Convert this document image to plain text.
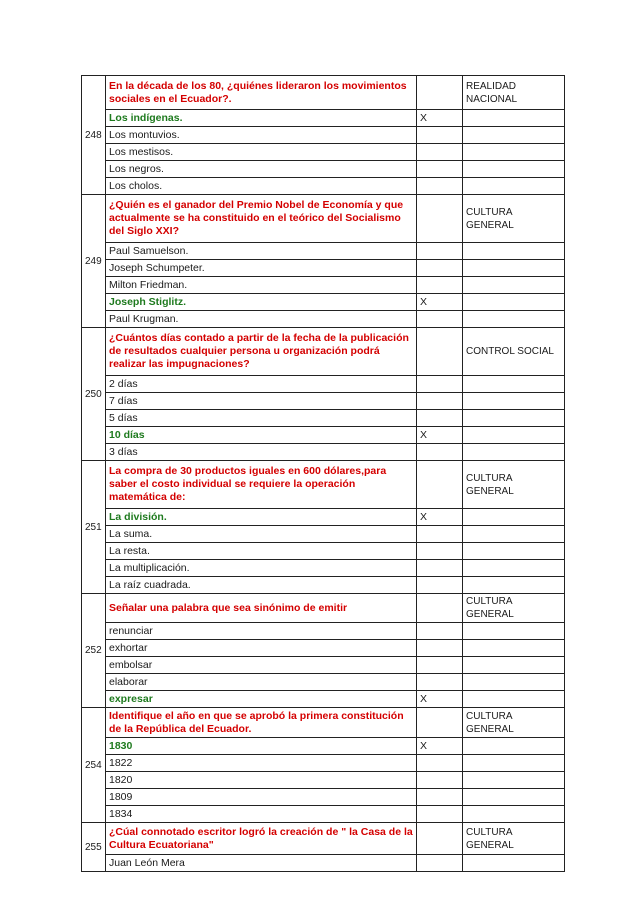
248	En la década de los 80, ¿quiénes lideraron los movimientos sociales en el Ecuador?.		REALIDAD NACIONAL
	Los indígenas.	X	
	Los montuvios.		
	Los mestisos.		
	Los negros.		
	Los cholos.		
249	¿Quién es el ganador del Premio Nobel de Economía y que actualmente se ha constituido en el teórico del Socialismo del Siglo XXI?		CULTURA GENERAL
	Paul Samuelson.		
	Joseph Schumpeter.		
	Milton Friedman.		
	Joseph Stiglitz.	X	
	Paul Krugman.		
250	¿Cuántos días contado a partir de la fecha de la publicación de resultados cualquier persona u organización podrá realizar las impugnaciones?		CONTROL SOCIAL
	2 días		
	7 días		
	5 días		
	10 días	X	
	3 días		
251	La compra de 30 productos iguales en 600 dólares,para saber el costo individual se requiere la operación matemática de:		CULTURA GENERAL
	La división.	X	
	La suma.		
	La resta.		
	La multiplicación.		
	La raíz cuadrada.		
252	Señalar una palabra que sea sinónimo de emitir		CULTURA GENERAL
	renunciar		
	exhortar		
	embolsar		
	elaborar		
	expresar	X	
254	Identifique el año en que se aprobó la primera constitución de la República del Ecuador.		CULTURA GENERAL
	1830	X	
	1822		
	1820		
	1809		
	1834		
255	¿Cúal connotado escritor logró la creación de " la Casa de la Cultura Ecuatoriana"		CULTURA GENERAL
	Juan León Mera		
